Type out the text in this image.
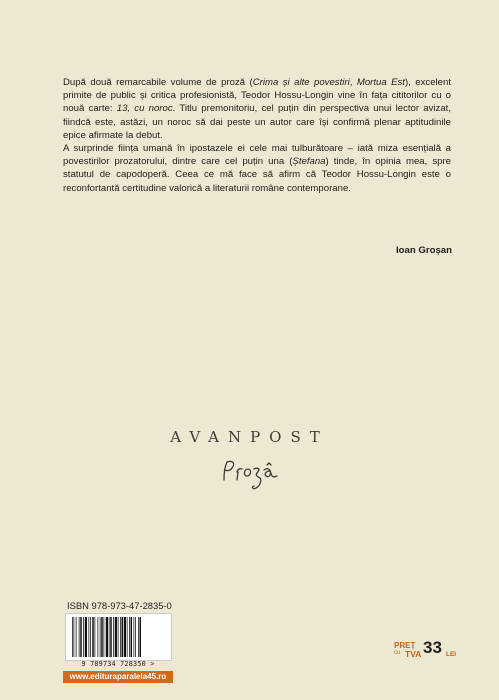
După două remarcabile volume de proză (Crima și alte povestiri, Mortua Est), excelent primite de public și critica profesionistă, Teodor Hossu-Longin vine în fața cititorilor cu o nouă carte: 13, cu noroc. Titlu premonitoriu, cel puțin din perspectiva unui lector avizat, fiindcă este, astăzi, un noroc să dai peste un autor care își confirmă plenar aptitudinile epice afirmate la debut.

A surprinde ființa umană în ipostazele ei cele mai tulburătoare – iată miza esențială a povestirilor prozatorului, dintre care cel puțin una (Ștefana) tinde, în opinia mea, spre statutul de capodoperă. Ceea ce mă face să afirm că Teodor Hossu-Longin este o reconfortantă certitudine valorică a literaturii române contemporane.

Ioan Groșan
AVANPOST
ISBN 978-973-47-2835-0
9 789734 728350 >
www.edituraparalela45.ro
PREȚ
cu TVA 33 LEI
